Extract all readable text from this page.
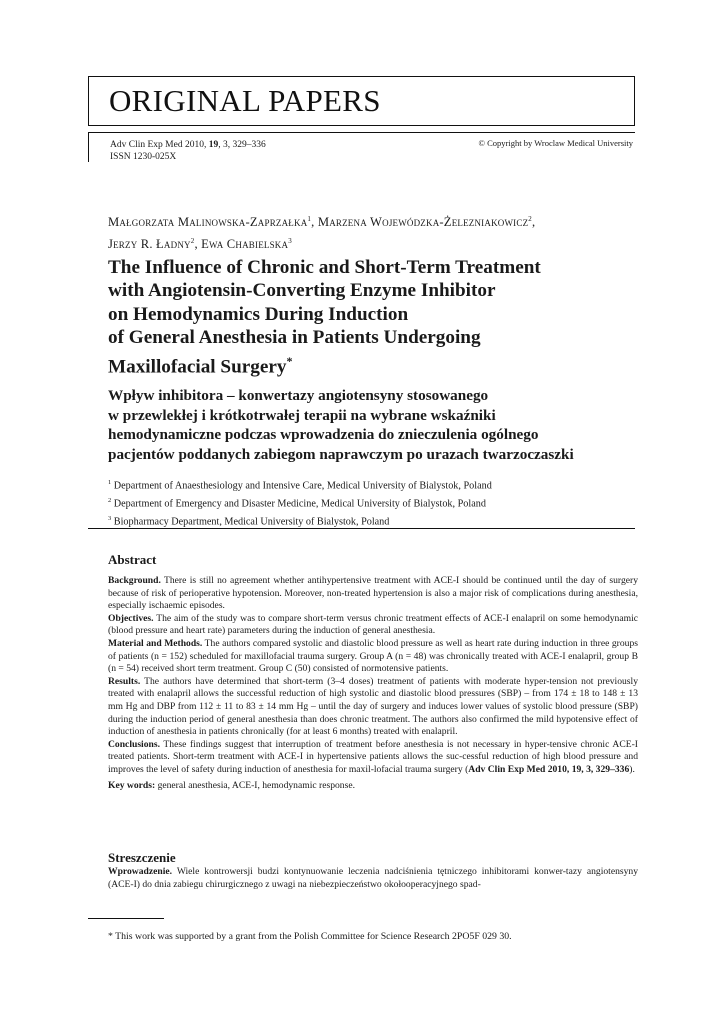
ORIGINAL PAPERS
Adv Clin Exp Med 2010, 19, 3, 329–336
ISSN 1230-025X
© Copyright by Wroclaw Medical University
Małgorzata Malinowska-Zaprzałka$^1$, Marzena Wojewódzka-Żelezniakowicz$^2$,
Jerzy R. Ładny$^2$, Ewa Chabielska$^3$
The Influence of Chronic and Short-Term Treatment
with Angiotensin-Converting Enzyme Inhibitor
on Hemodynamics During Induction
of General Anesthesia in Patients Undergoing
Maxillofacial Surgery*
Wpływ inhibitora – konwertazy angiotensyny stosowanego
w przewlekłej i krótkotrwałej terapii na wybrane wskaźniki
hemodynamiczne podczas wprowadzenia do znieczulenia ogólnego
pacjentów poddanych zabiegom naprawczym po urazach twarzoczaszki
$^1$ Department of Anaesthesiology and Intensive Care, Medical University of Bialystok, Poland
$^2$ Department of Emergency and Disaster Medicine, Medical University of Bialystok, Poland
$^3$ Biopharmacy Department, Medical University of Bialystok, Poland
Abstract

Background. There is still no agreement whether antihypertensive treatment with ACE-I should be continued until the day of surgery because of risk of perioperative hypotension. Moreover, non-treated hypertension is also a major risk of complications during anesthesia, especially ischaemic episodes.

Objectives. The aim of the study was to compare short-term versus chronic treatment effects of ACE-I enalapril on some hemodynamic (blood pressure and heart rate) parameters during the induction of general anesthesia.

Material and Methods. The authors compared systolic and diastolic blood pressure as well as heart rate during induction in three groups of patients (n = 152) scheduled for maxillofacial trauma surgery. Group A (n = 48) was chronically treated with ACE-I enalapril, group B (n = 54) received short term treatment. Group C (50) consisted of normotensive patients.

Results. The authors have determined that short-term (3–4 doses) treatment of patients with moderate hyper-tension not previously treated with enalapril allows the successful reduction of high systolic and diastolic blood pressures (SBP) – from 174 ± 18 to 148 ± 13 mm Hg and DBP from 112 ± 11 to 83 ± 14 mm Hg – until the day of surgery and induces lower values of systolic blood pressure (SBP) during the induction period of general anesthesia than does chronic treatment. The authors also confirmed the mild hypotensive effect of induction of anesthesia in patients chronically (for at least 6 months) treated with enalapril.

Conclusions. These findings suggest that interruption of treatment before anesthesia is not necessary in hyper-tensive chronic ACE-I treated patients. Short-term treatment with ACE-I in hypertensive patients allows the suc-cessful reduction of high blood pressure and improves the level of safety during induction of anesthesia for maxil-lofacial trauma surgery (Adv Clin Exp Med 2010, 19, 3, 329–336).

Key words: general anesthesia, ACE-I, hemodynamic response.

Streszczenie

Wprowadzenie. Wiele kontrowersji budzi kontynuowanie leczenia nadciśnienia tętniczego inhibitorami konwer-tazy angiotensyny (ACE-I) do dnia zabiegu chirurgicznego z uwagi na niebezpieczeństwo okołooperacyjnego spad-

* This work was supported by a grant from the Polish Committee for Science Research 2PO5F 029 30.
